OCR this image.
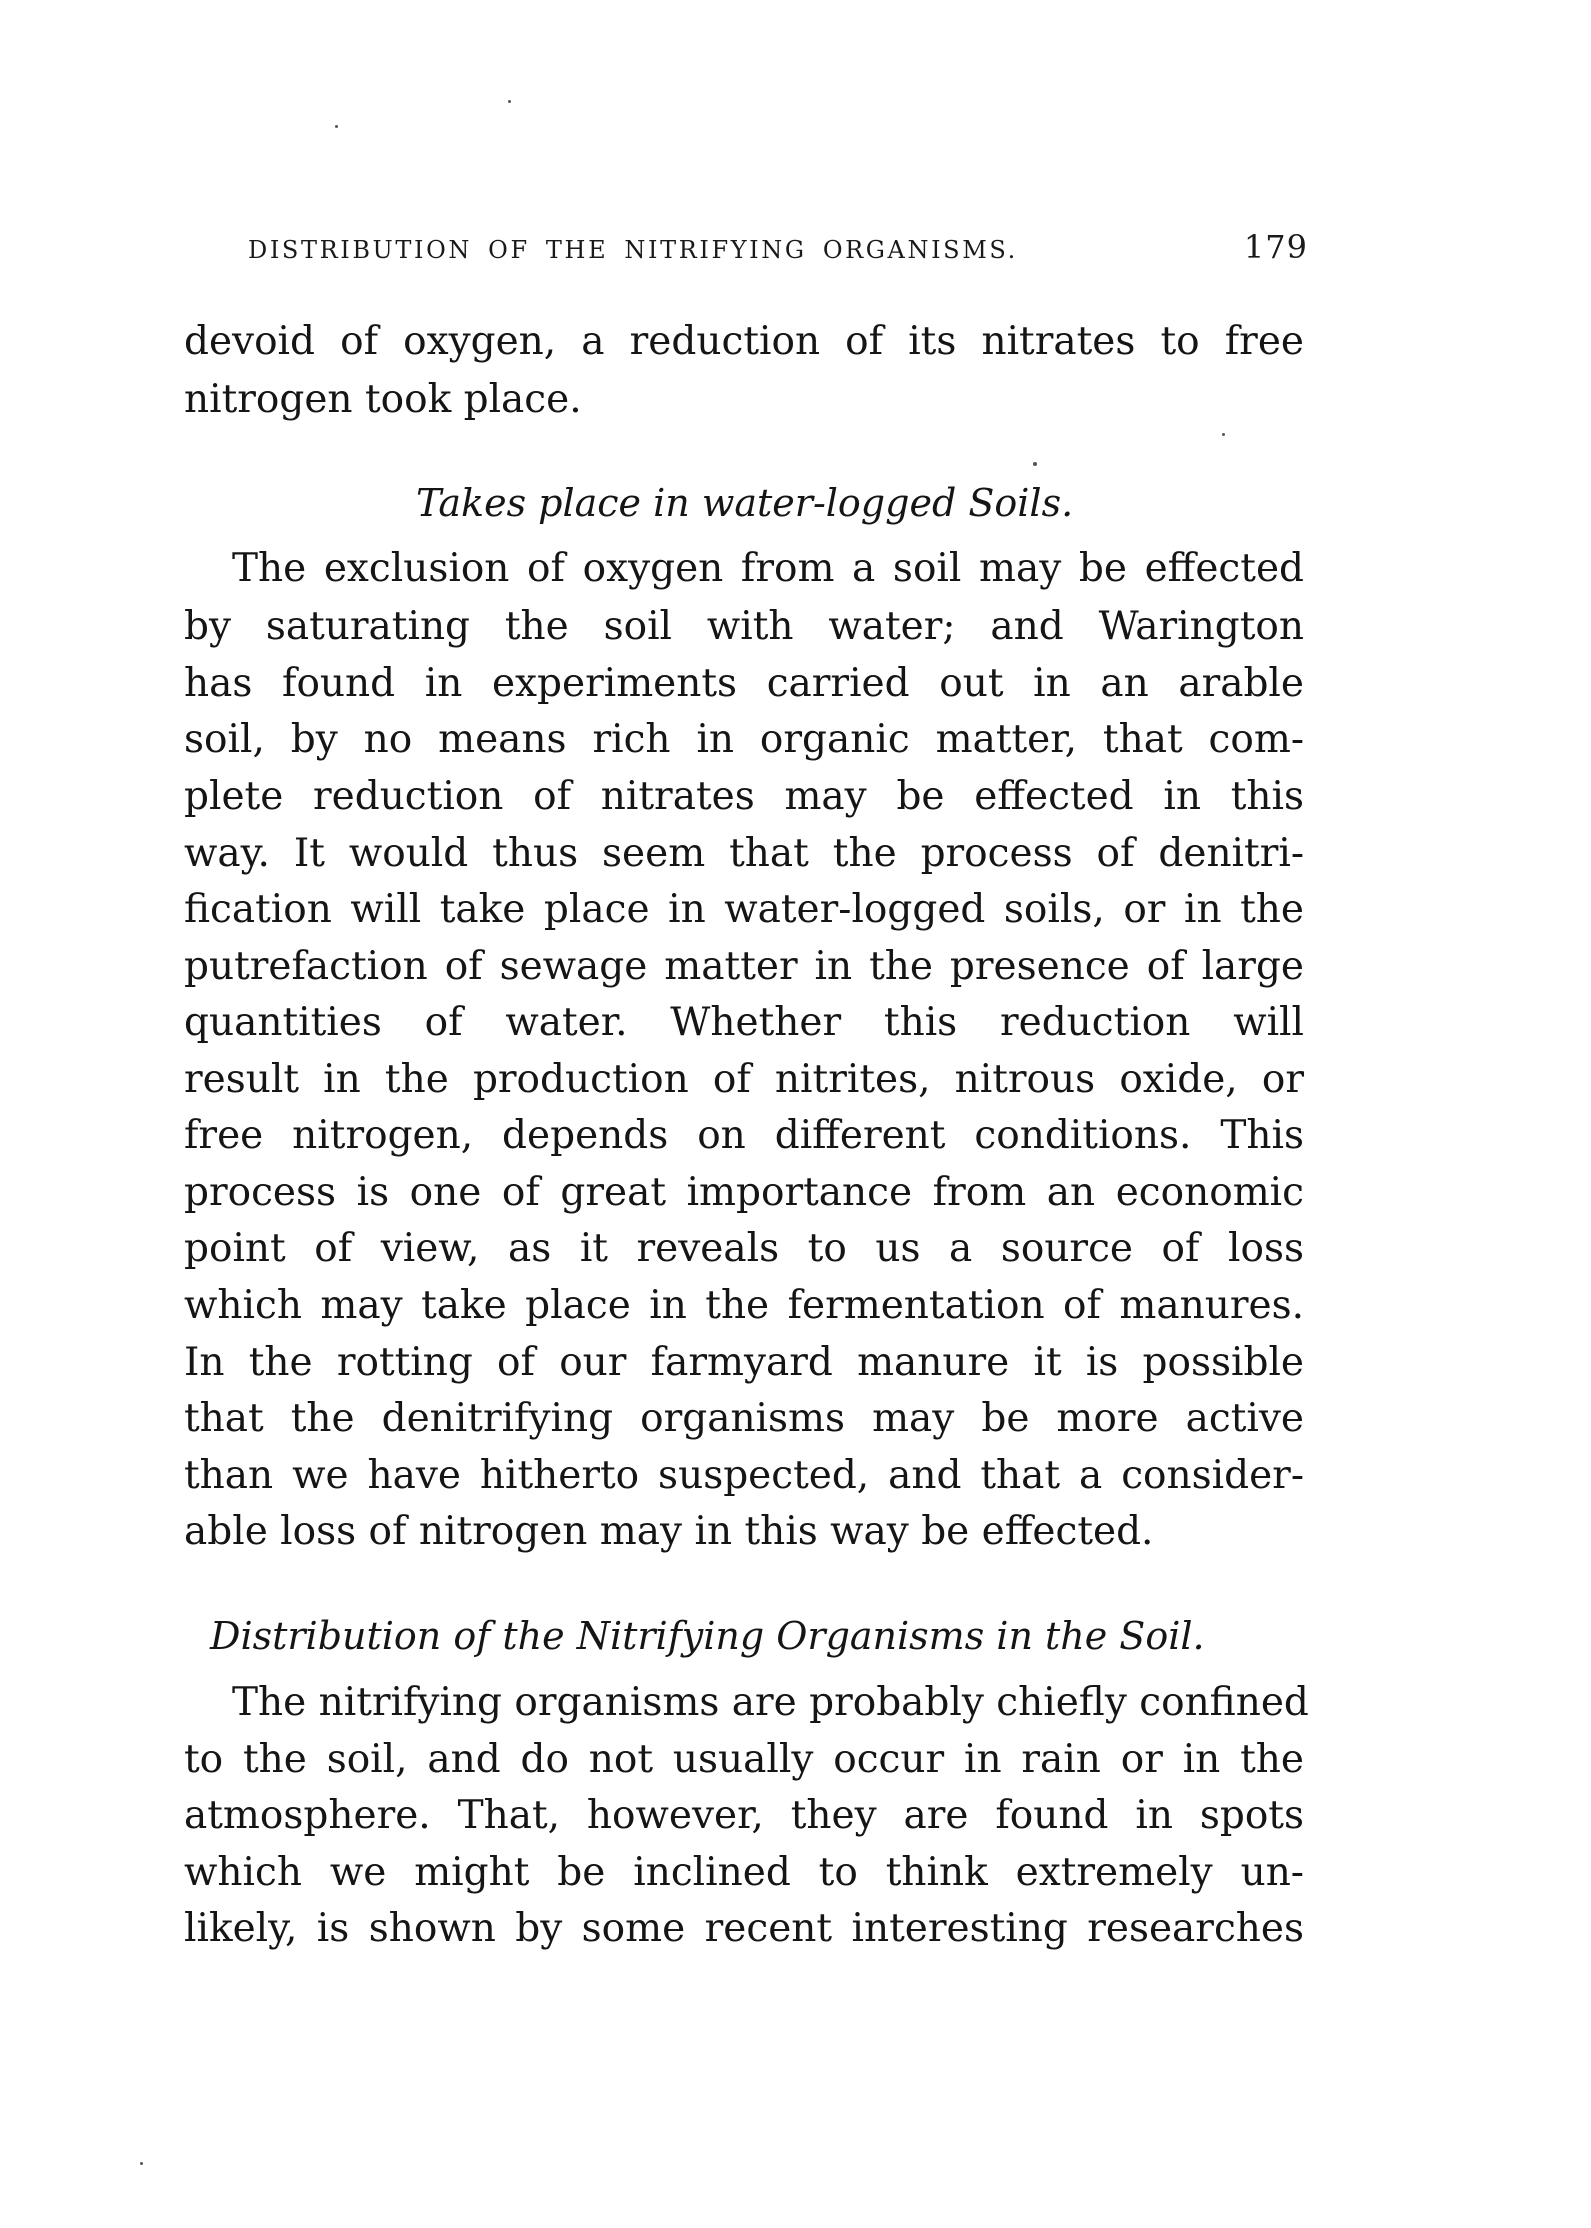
DISTRIBUTION OF THE NITRIFYING ORGANISMS.	179
devoid of oxygen, a reduction of its nitrates to free
nitrogen took place.
Takes place in water-logged Soils.
The exclusion of oxygen from a soil may be effected
by saturating the soil with water; and Warington
has found in experiments carried out in an arable
soil, by no means rich in organic matter, that com-
plete reduction of nitrates may be effected in this
way. It would thus seem that the process of denitri-
fication will take place in water-logged soils, or in the
putrefaction of sewage matter in the presence of large
quantities of water. Whether this reduction will
result in the production of nitrites, nitrous oxide, or
free nitrogen, depends on different conditions. This
process is one of great importance from an economic
point of view, as it reveals to us a source of loss
which may take place in the fermentation of manures.
In the rotting of our farmyard manure it is possible
that the denitrifying organisms may be more active
than we have hitherto suspected, and that a consider-
able loss of nitrogen may in this way be effected.
Distribution of the Nitrifying Organisms in the Soil.
The nitrifying organisms are probably chiefly confined
to the soil, and do not usually occur in rain or in the
atmosphere. That, however, they are found in spots
which we might be inclined to think extremely un-
likely, is shown by some recent interesting researches
